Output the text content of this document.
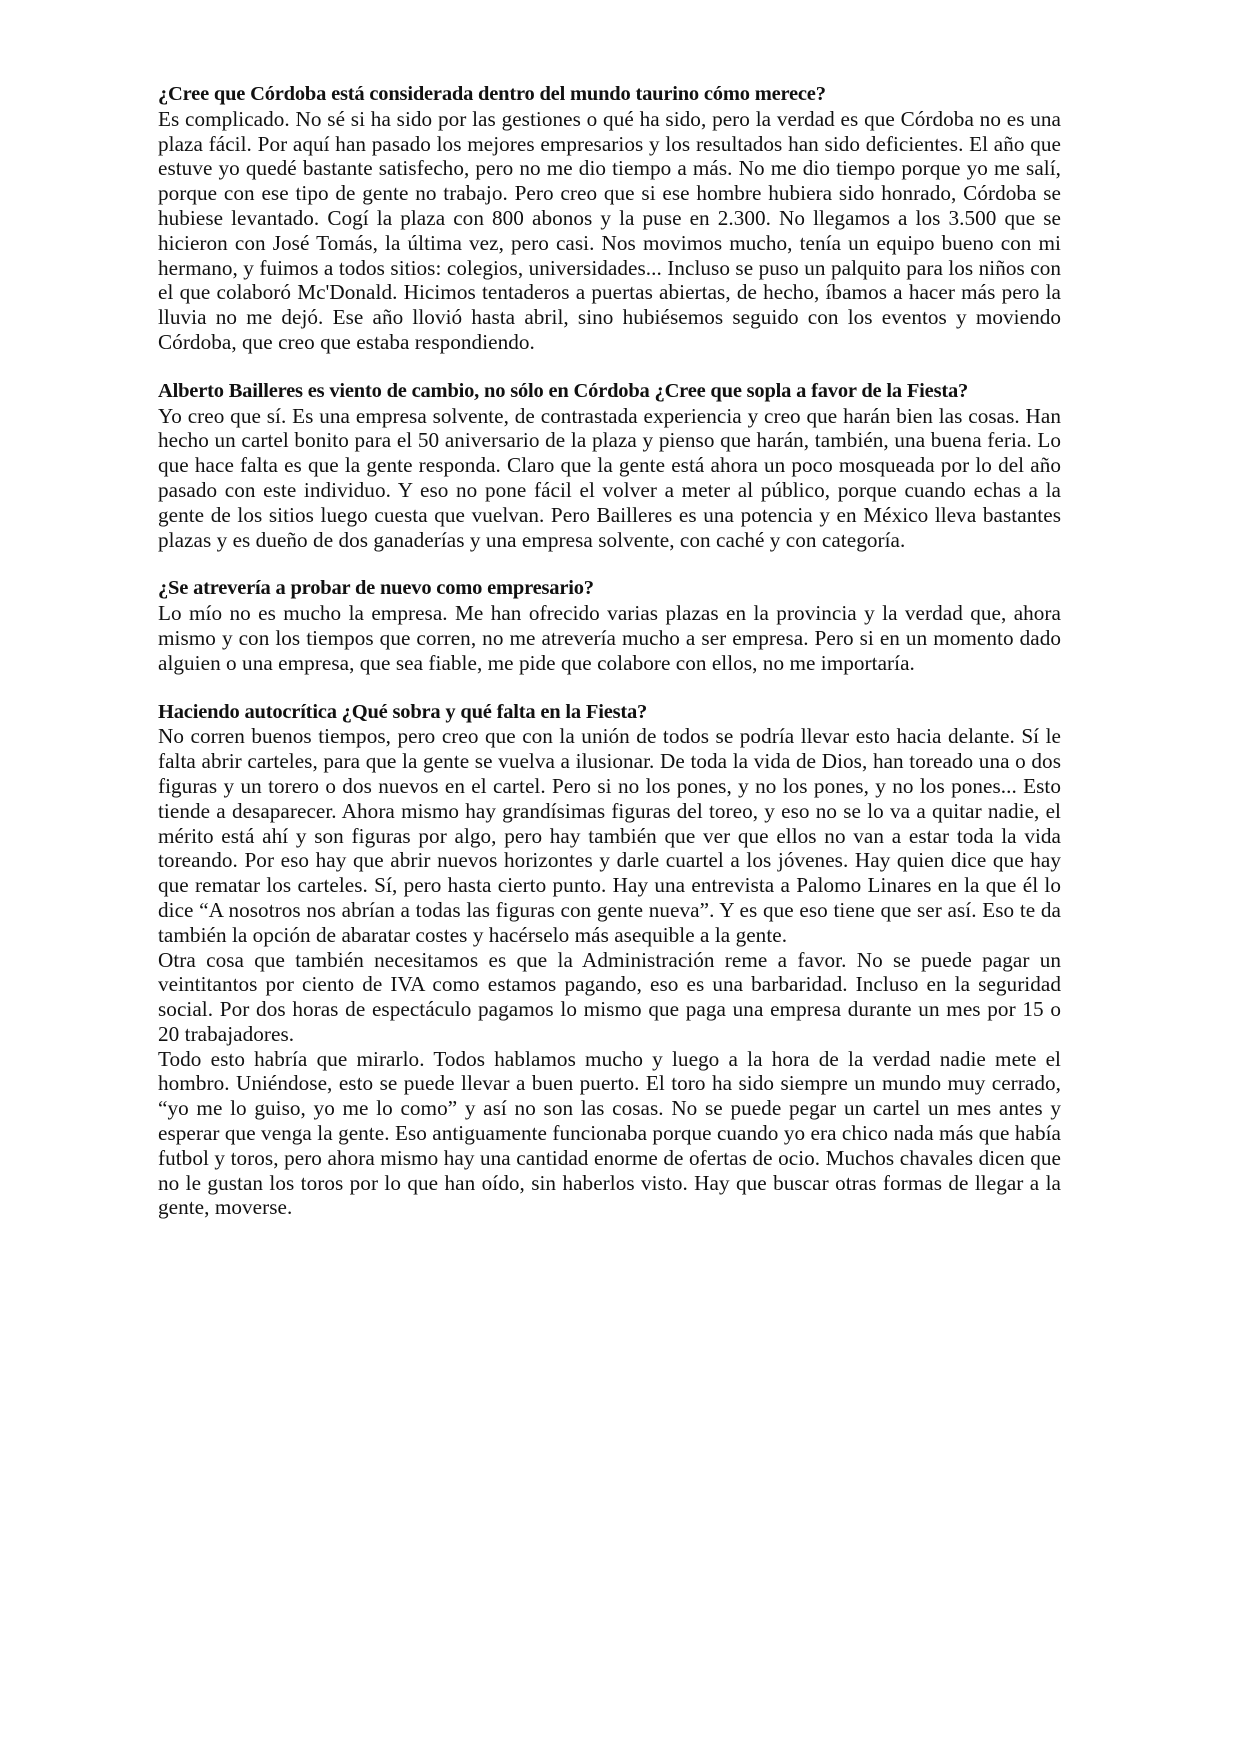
¿Cree que Córdoba está considerada dentro del mundo taurino cómo merece?

Es complicado. No sé si ha sido por las gestiones o qué ha sido, pero la verdad es que Córdoba no es una plaza fácil. Por aquí han pasado los mejores empresarios y los resultados han sido deficientes. El año que estuve yo quedé bastante satisfecho, pero no me dio tiempo a más. No me dio tiempo porque yo me salí, porque con ese tipo de gente no trabajo. Pero creo que si ese hombre hubiera sido honrado, Córdoba se hubiese levantado. Cogí la plaza con 800 abonos y la puse en 2.300. No llegamos a los 3.500 que se hicieron con José Tomás, la última vez, pero casi. Nos movimos mucho, tenía un equipo bueno con mi hermano, y fuimos a todos sitios: colegios, universidades... Incluso se puso un palquito para los niños con el que colaboró Mc'Donald. Hicimos tentaderos a puertas abiertas, de hecho, íbamos a hacer más pero la lluvia no me dejó. Ese año llovió hasta abril, sino hubiésemos seguido con los eventos y moviendo Córdoba, que creo que estaba respondiendo.

Alberto Bailleres es viento de cambio, no sólo en Córdoba ¿Cree que sopla a favor de la Fiesta?

Yo creo que sí. Es una empresa solvente, de contrastada experiencia y creo que harán bien las cosas. Han hecho un cartel bonito para el 50 aniversario de la plaza y pienso que harán, también, una buena feria. Lo que hace falta es que la gente responda. Claro que la gente está ahora un poco mosqueada por lo del año pasado con este individuo. Y eso no pone fácil el volver a meter al público, porque cuando echas a la gente de los sitios luego cuesta que vuelvan. Pero Bailleres es una potencia y en México lleva bastantes plazas y es dueño de dos ganaderías y una empresa solvente, con caché y con categoría.

¿Se atrevería a probar de nuevo como empresario?

Lo mío no es mucho la empresa. Me han ofrecido varias plazas en la provincia y la verdad que, ahora mismo y con los tiempos que corren, no me atrevería mucho a ser empresa. Pero si en un momento dado alguien o una empresa, que sea fiable, me pide que colabore con ellos, no me importaría.

Haciendo autocrítica ¿Qué sobra y qué falta en la Fiesta?

No corren buenos tiempos, pero creo que con la unión de todos se podría llevar esto hacia delante. Sí le falta abrir carteles, para que la gente se vuelva a ilusionar. De toda la vida de Dios, han toreado una o dos figuras y un torero o dos nuevos en el cartel. Pero si no los pones, y no los pones, y no los pones... Esto tiende a desaparecer. Ahora mismo hay grandísimas figuras del toreo, y eso no se lo va a quitar nadie, el mérito está ahí y son figuras por algo, pero hay también que ver que ellos no van a estar toda la vida toreando. Por eso hay que abrir nuevos horizontes y darle cuartel a los jóvenes. Hay quien dice que hay que rematar los carteles. Sí, pero hasta cierto punto. Hay una entrevista a Palomo Linares en la que él lo dice “A nosotros nos abrían a todas las figuras con gente nueva”. Y es que eso tiene que ser así. Eso te da también la opción de abaratar costes y hacérselo más asequible a la gente.

Otra cosa que también necesitamos es que la Administración reme a favor. No se puede pagar un veintitantos por ciento de IVA como estamos pagando, eso es una barbaridad. Incluso en la seguridad social. Por dos horas de espectáculo pagamos lo mismo que paga una empresa durante un mes por 15 o 20 trabajadores.

Todo esto habría que mirarlo. Todos hablamos mucho y luego a la hora de la verdad nadie mete el hombro. Uniéndose, esto se puede llevar a buen puerto. El toro ha sido siempre un mundo muy cerrado, “yo me lo guiso, yo me lo como” y así no son las cosas. No se puede pegar un cartel un mes antes y esperar que venga la gente. Eso antiguamente funcionaba porque cuando yo era chico nada más que había futbol y toros, pero ahora mismo hay una cantidad enorme de ofertas de ocio. Muchos chavales dicen que no le gustan los toros por lo que han oído, sin haberlos visto. Hay que buscar otras formas de llegar a la gente, moverse.
